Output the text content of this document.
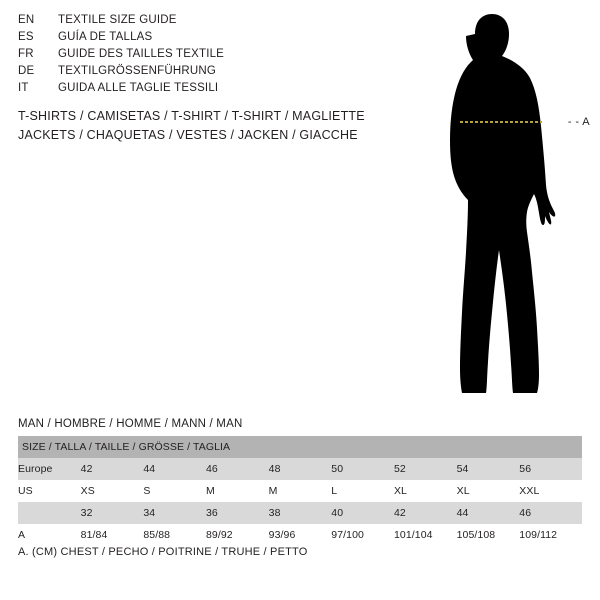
EN	TEXTILE SIZE GUIDE
ES	GUÍA DE TALLAS
FR	GUIDE DES TAILLES TEXTILE
DE	TEXTILGRÖSSENFÜHRUNG
IT	GUIDA ALLE TAGLIE TESSILI
T-SHIRTS / CAMISETAS / T-SHIRT / T-SHIRT / MAGLIETTE
JACKETS / CHAQUETAS / VESTES / JACKEN / GIACCHE
- - A
MAN / HOMBRE / HOMME / MANN / MAN
SIZE / TALLA / TAILLE / GRÖSSE / TAGLIA								
Europe	42	44	46	48	50	52	54	56
US	XS	S	M	M	L	XL	XL	XXL
	32	34	36	38	40	42	44	46
A	81/84	85/88	89/92	93/96	97/100	101/104	105/108	109/112
A. (CM) CHEST / PECHO / POITRINE / TRUHE / PETTO
